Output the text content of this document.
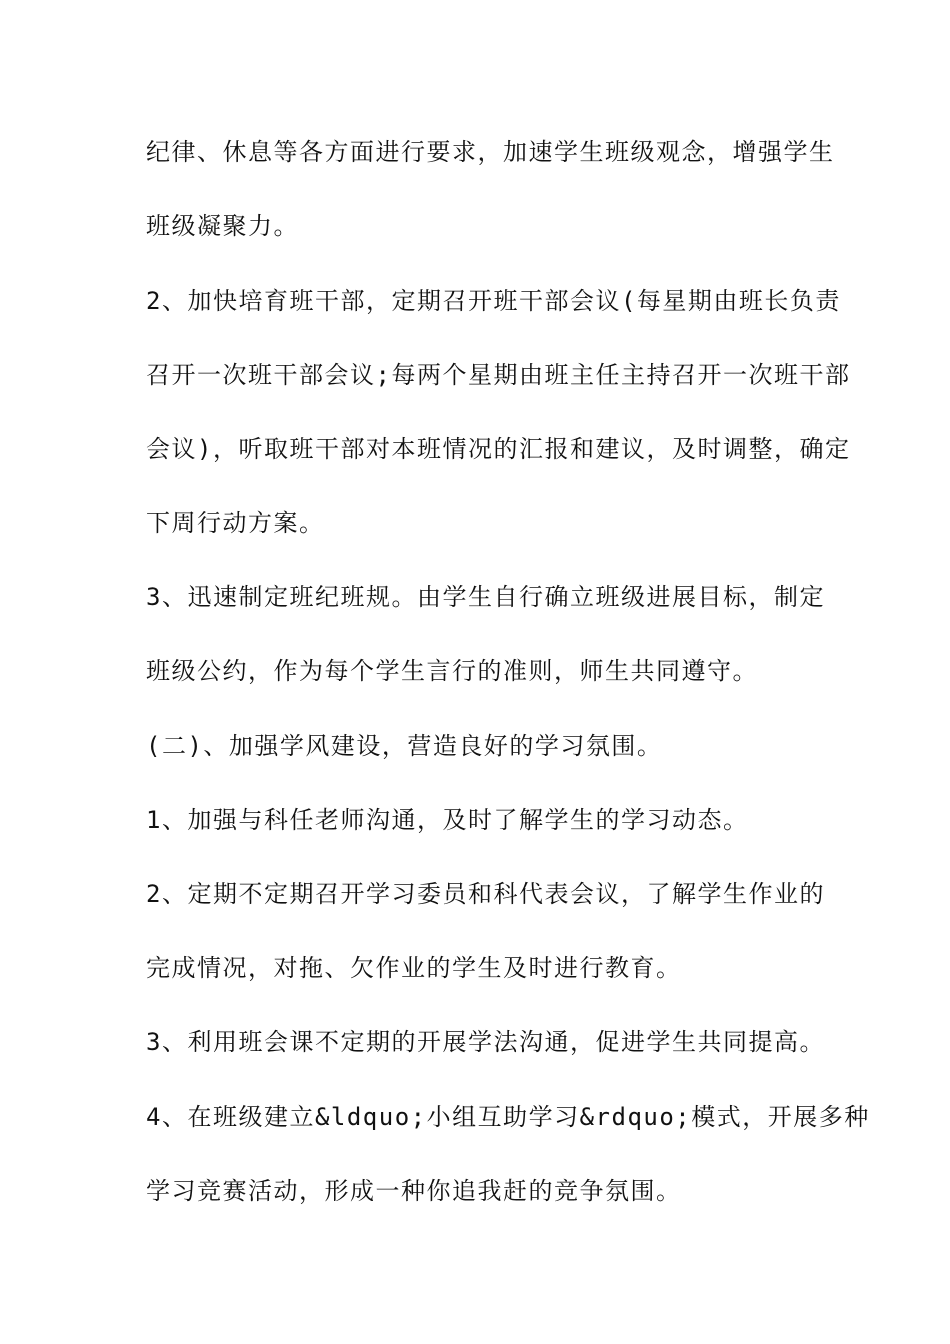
纪律、休息等各方面进行要求，加速学生班级观念，增强学生
班级凝聚力。
2、加快培育班干部，定期召开班干部会议(每星期由班长负责
召开一次班干部会议;每两个星期由班主任主持召开一次班干部
会议)，听取班干部对本班情况的汇报和建议，及时调整，确定
下周行动方案。
3、迅速制定班纪班规。由学生自行确立班级进展目标，制定
班级公约，作为每个学生言行的准则，师生共同遵守。
(二)、加强学风建设，营造良好的学习氛围。
1、加强与科任老师沟通，及时了解学生的学习动态。
2、定期不定期召开学习委员和科代表会议，了解学生作业的
完成情况，对拖、欠作业的学生及时进行教育。
3、利用班会课不定期的开展学法沟通，促进学生共同提高。
4、在班级建立&ldquo;小组互助学习&rdquo;模式，开展多种
学习竞赛活动，形成一种你追我赶的竞争氛围。
